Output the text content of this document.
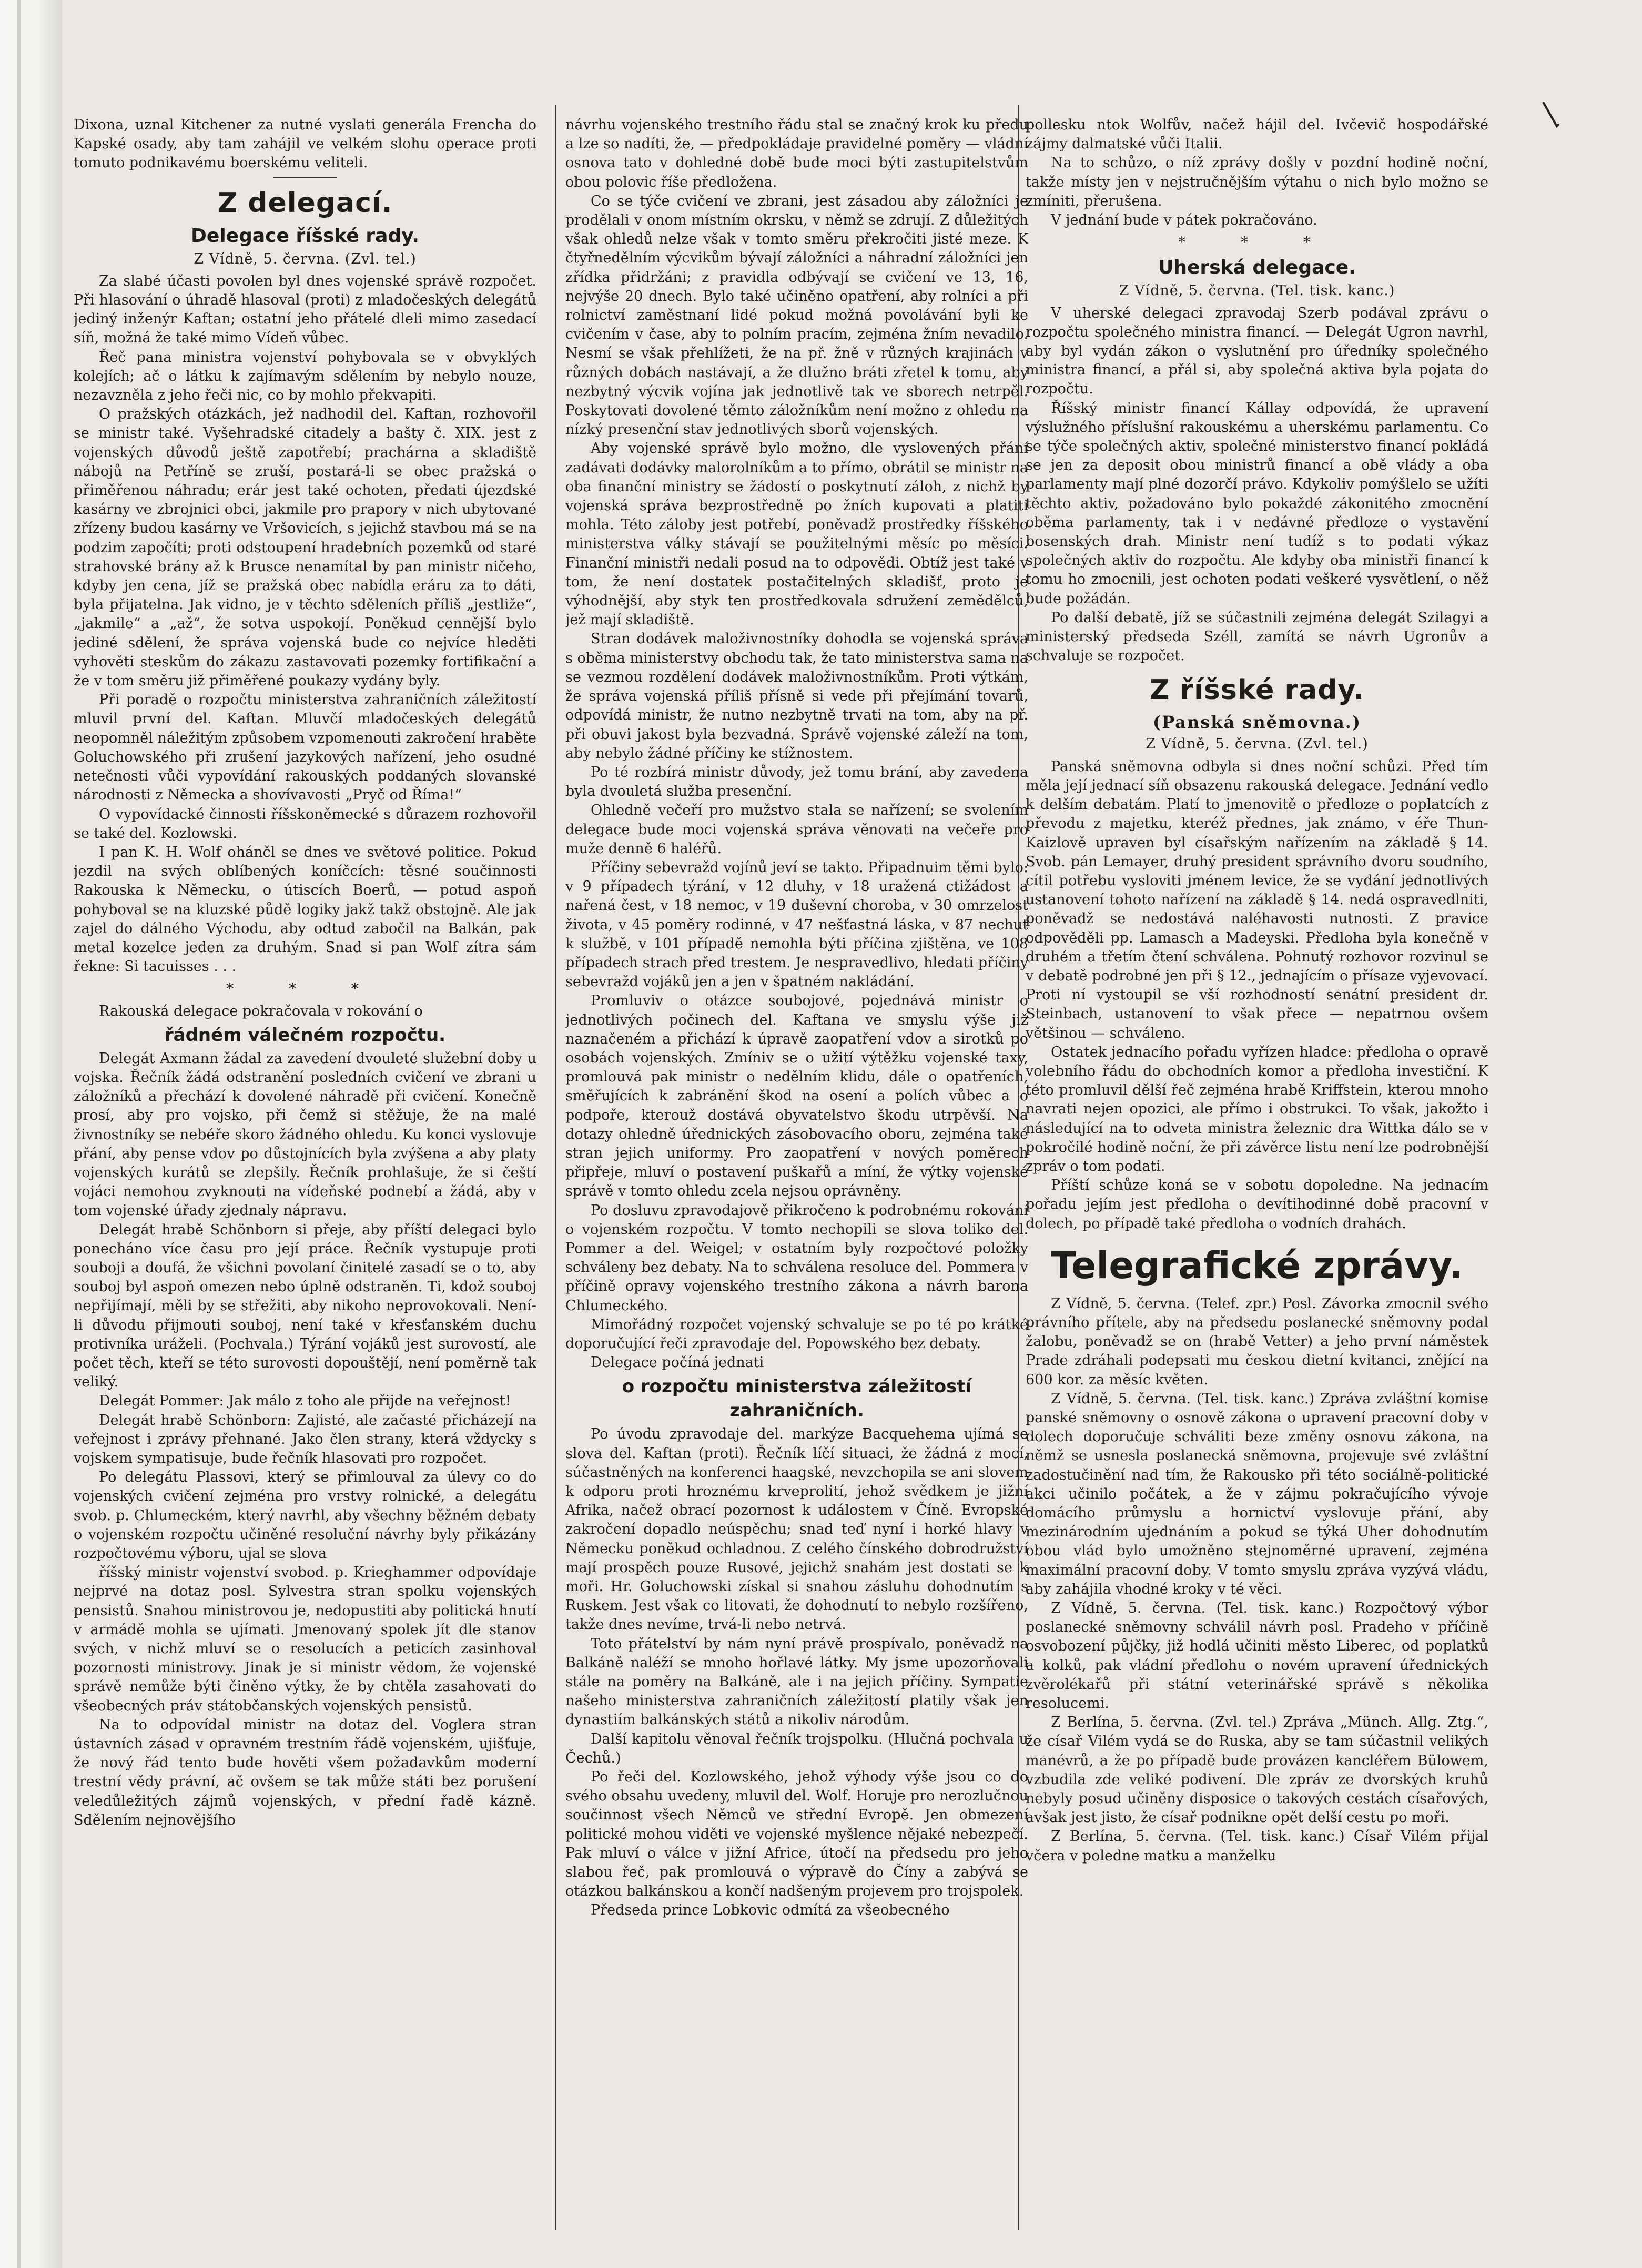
Dixona, uznal Kitchener za nutné vyslati generála Frencha do Kapské osady, aby tam zahájil ve velkém slohu operace proti tomuto podnikavému boerskému veliteli.

Z delegací.
Delegace říšské rady.
Z Vídně, 5. června. (Zvl. tel.)

Za slabé účasti povolen byl dnes vojenské správě rozpočet. Při hlasování o úhradě hlasoval (proti) z mladočeských delegátů jediný inženýr Kaftan; ostatní jeho přátelé dleli mimo zasedací síň, možná že také mimo Vídeň vůbec.

Řeč pana ministra vojenství pohybovala se v obvyklých kolejích; ač o látku k zajímavým sdělením by nebylo nouze, nezavzněla z jeho řeči nic, co by mohlo překvapiti.

O pražských otázkách, jež nadhodil del. Kaftan, rozhovořil se ministr také. Vyšehradské citadely a bašty č. XIX. jest z vojenských důvodů ještě zapotřebí; prachárna a skladiště nábojů na Petříně se zruší, postará-li se obec pražská o přiměřenou náhradu; erár jest také ochoten, předati újezdské kasárny ve zbrojnici obci, jakmile pro prapory v nich ubytované zřízeny budou kasárny ve Vršovicích, s jejichž stavbou má se na podzim započíti; proti odstoupení hradebních pozemků od staré strahovské brány až k Brusce nenamítal by pan ministr ničeho, kdyby jen cena, jíž se pražská obec nabídla eráru za to dáti, byla přijatelna. Jak vidno, je v těchto sděleních příliš „jestliže“, „jakmile“ a „až“, že sotva uspokojí. Poněkud cennější bylo jediné sdělení, že správa vojenská bude co nejvíce hleděti vyhověti steskům do zákazu zastavovati pozemky fortifikační a že v tom směru již přiměřené poukazy vydány byly.

Při poradě o rozpočtu ministerstva zahraničních záležitostí mluvil první del. Kaftan. Mluvčí mladočeských delegátů neopomněl náležitým způsobem vzpomenouti zakročení hraběte Goluchowského při zrušení jazykových nařízení, jeho osudné netečnosti vůči vypovídání rakouských poddaných slovanské národnosti z Německa a shovívavosti „Pryč od Říma!“

O vypovídacké činnosti říšskoněmecké s důrazem rozhovořil se také del. Kozlowski.

I pan K. H. Wolf ohánčl se dnes ve světové politice. Pokud jezdil na svých oblíbených koníčcích: těsné součinnosti Rakouska k Německu, o útiscích Boerů, — potud aspoň pohyboval se na kluzské půdě logiky jakž takž obstojně. Ale jak zajel do dálného Východu, aby odtud zabočil na Balkán, pak metal kozelce jeden za druhým. Snad si pan Wolf zítra sám řekne: Si tacuisses . . .

* * *

Rakouská delegace pokračovala v rokování o

řádném válečném rozpočtu.

Delegát Axmann žádal za zavedení dvouleté služební doby u vojska. Řečník žádá odstranění posledních cvičení ve zbrani u záložníků a přechází k dovolené náhradě při cvičení. Konečně prosí, aby pro vojsko, při čemž si stěžuje, že na malé živnostníky se nebéře skoro žádného ohledu. Ku konci vyslovuje přání, aby pense vdov po důstojnících byla zvýšena a aby platy vojenských kurátů se zlepšily. Řečník prohlašuje, že si čeští vojáci nemohou zvyknouti na vídeňské podnebí a žádá, aby v tom vojenské úřady zjednaly nápravu.

Delegát hrabě Schönborn si přeje, aby příští delegaci bylo ponecháno více času pro její práce. Řečník vystupuje proti souboji a doufá, že všichni povolaní činitelé zasadí se o to, aby souboj byl aspoň omezen nebo úplně odstraněn. Ti, kdož souboj nepřijímají, měli by se střežiti, aby nikoho neprovokovali. Není-li důvodu přijmouti souboj, není také v křesťanském duchu protivníka uráželi. (Pochvala.) Týrání vojáků jest surovostí, ale počet těch, kteří se této surovosti dopouštějí, není poměrně tak veliký.

Delegát Pommer: Jak málo z toho ale přijde na veřejnost!

Delegát hrabě Schönborn: Zajisté, ale začasté přicházejí na veřejnost i zprávy přehnané. Jako člen strany, která vždycky s vojskem sympatisuje, bude řečník hlasovati pro rozpočet.

Po delegátu Plassovi, který se přimlouval za úlevy co do vojenských cvičení zejména pro vrstvy rolnické, a delegátu svob. p. Chlumeckém, který navrhl, aby všechny běžném debaty o vojenském rozpočtu učiněné resoluční návrhy byly přikázány rozpočtovému výboru, ujal se slova

říšský ministr vojenství svobod. p. Krieghammer odpovídaje nejprvé na dotaz posl. Sylvestra stran spolku vojenských pensistů. Snahou ministrovou je, nedopustiti aby politická hnutí v armádě mohla se ujímati. Jmenovaný spolek jít dle stanov svých, v nichž mluví se o resolucích a peticích zasinhoval pozornosti ministrovy. Jinak je si ministr vědom, že vojenské správě nemůže býti činěno výtky, že by chtěla zasahovati do všeobecných práv státobčanských vojenských pensistů.

Na to odpovídal ministr na dotaz del. Voglera stran ústavních zásad v opravném trestním řádě vojenském, ujišťuje, že nový řád tento bude hověti všem požadavkům moderní trestní vědy právní, ač ovšem se tak může státi bez porušení veledůležitých zájmů vojenských, v přední řadě kázně. Sdělením nejnovějšího

návrhu vojenského trestního řádu stal se značný krok ku předu a lze so nadíti, že, — předpokládaje pravidelné poměry — vládní osnova tato v dohledné době bude moci býti zastupitelstvům obou polovic říše předložena.

Co se týče cvičení ve zbrani, jest zásadou aby záložníci je prodělali v onom místním okrsku, v němž se zdrují. Z důležitých však ohledů nelze však v tomto směru překročiti jisté meze. K čtyřnedělním výcvikům bývají záložníci a náhradní záložníci jen zřídka přidržáni; z pravidla odbývají se cvičení ve 13, 16, nejvýše 20 dnech. Bylo také učiněno opatření, aby rolníci a při rolnictví zaměstnaní lidé pokud možná povolávání byli ke cvičením v čase, aby to polním pracím, zejména žním nevadilo. Nesmí se však přehlížeti, že na př. žně v různých krajinách v různých dobách nastávají, a že dlužno bráti zřetel k tomu, aby nezbytný výcvik vojína jak jednotlivě tak ve sborech netrpěl. Poskytovati dovolené těmto záložníkům není možno z ohledu na nízký presenční stav jednotlivých sborů vojenských.

Aby vojenské správě bylo možno, dle vyslovených přání zadávati dodávky malorolníkům a to přímo, obrátil se ministr na oba finanční ministry se žádostí o poskytnutí záloh, z nichž by vojenská správa bezprostředně po žních kupovati a platiti mohla. Této záloby jest potřebí, poněvadž prostředky říšského ministerstva války stávají se použitelnými měsíc po měsíci. Finanční ministři nedali posud na to odpovědi. Obtíž jest také v tom, že není dostatek postačitelných skladišť, proto je výhodnější, aby styk ten prostředkovala sdružení zemědělců, jež mají skladiště.

Stran dodávek maloživnostníky dohodla se vojenská správa s oběma ministerstvy obchodu tak, že tato ministerstva sama na se vezmou rozdělení dodávek maloživnostníkům. Proti výtkám, že správa vojenská příliš přísně si vede při přejímání tovarů, odpovídá ministr, že nutno nezbytně trvati na tom, aby na př. při obuvi jakost byla bezvadná. Správě vojenské záleží na tom, aby nebylo žádné příčiny ke stížnostem.

Po té rozbírá ministr důvody, jež tomu brání, aby zavedena byla dvouletá služba presenční.

Ohledně večeří pro mužstvo stala se nařízení; se svolením delegace bude moci vojenská správa věnovati na večeře pro muže denně 6 haléřů.

Příčiny sebevražd vojínů jeví se takto. Připadnuim těmi bylo: v 9 případech týrání, v 12 dluhy, v 18 uražená ctižádost a nařená čest, v 18 nemoc, v 19 duševní choroba, v 30 omrzelost života, v 45 poměry rodinné, v 47 nešťastná láska, v 87 nechuť k službě, v 101 případě nemohla býti příčina zjištěna, ve 108 případech strach před trestem. Je nespravedlivo, hledati příčiny sebevražd vojáků jen a jen v špatném nakládání.

Promluviv o otázce soubojové, pojednává ministr o jednotlivých počinech del. Kaftana ve smyslu výše již naznačeném a přichází k úpravě zaopatření vdov a sirotků po osobách vojenských. Zmíniv se o užití výtěžku vojenské taxy, promlouvá pak ministr o nedělním klidu, dále o opatřeních, směřujících k zabránění škod na osení a polích vůbec a o podpoře, kterouž dostává obyvatelstvo škodu utrpěvší. Na dotazy ohledně úřednických zásobovacího oboru, zejména také stran jejich uniformy. Pro zaopatření v nových poměrech připřeje, mluví o postavení puškařů a míní, že výtky vojenské správě v tomto ohledu zcela nejsou oprávněny.

Po dosluvu zpravodajově přikročeno k podrobnému rokování o vojenském rozpočtu. V tomto nechopili se slova toliko del. Pommer a del. Weigel; v ostatním byly rozpočtové položky schváleny bez debaty. Na to schválena resoluce del. Pommera v příčině opravy vojenského trestního zákona a návrh barona Chlumeckého.

Mimořádný rozpočet vojenský schvaluje se po té po krátké doporučující řeči zpravodaje del. Popowského bez debaty.

Delegace počíná jednati

o rozpočtu ministerstva záležitostí zahraničních.

Po úvodu zpravodaje del. markýze Bacquehema ujímá se slova del. Kaftan (proti). Řečník líčí situaci, že žádná z mocí, súčastněných na konferenci haagské, nevzchopila se ani slovem k odporu proti hroznému krveprolití, jehož svědkem je jižní Afrika, načež obrací pozornost k událostem v Číně. Evropské zakročení dopadlo neúspěchu; snad teď nyní i horké hlavy v Německu poněkud ochladnou. Z celého čínského dobrodružství mají prospěch pouze Rusové, jejichž snahám jest dostati se k moři. Hr. Goluchowski získal si snahou zásluhu dohodnutím s Ruskem. Jest však co litovati, že dohodnutí to nebylo rozšířeno, takže dnes nevíme, trvá-li nebo netrvá.

Toto přátelství by nám nyní právě prospívalo, poněvadž na Balkáně naléží se mnoho hořlavé látky. My jsme upozorňovali stále na poměry na Balkáně, ale i na jejich příčiny. Sympatie našeho ministerstva zahraničních záležitostí platily však jen dynastiím balkánských států a nikoliv národům.

Další kapitolu věnoval řečník trojspolku. (Hlučná pochvala u Čechů.)

Po řeči del. Kozlowského, jehož výhody výše jsou co do svého obsahu uvedeny, mluvil del. Wolf. Horuje pro nerozlučnou součinnost všech Němců ve střední Evropě. Jen obmezení politické mohou viděti ve vojenské myšlence nějaké nebezpečí. Pak mluví o válce v jižní Africe, útočí na předsedu pro jeho slabou řeč, pak promlouvá o výpravě do Číny a zabývá se otázkou balkánskou a končí nadšeným projevem pro trojspolek.

Předseda prince Lobkovic odmítá za všeobecného

pollesku ntok Wolfův, načež hájil del. Ivčevič hospodářské zájmy dalmatské vůči Italii.

Na to schůzo, o níž zprávy došly v pozdní hodině noční, takže místy jen v nejstručnějším výtahu o nich bylo možno se zmíniti, přerušena.

V jednání bude v pátek pokračováno.

* * *
Uherská delegace.
Z Vídně, 5. června. (Tel. tisk. kanc.)

V uherské delegaci zpravodaj Szerb podával zprávu o rozpočtu společného ministra financí. — Delegát Ugron navrhl, aby byl vydán zákon o vyslutnění pro úředníky společného ministra financí, a přál si, aby společná aktiva byla pojata do rozpočtu.

Říšský ministr financí Kállay odpovídá, že upravení výslužného příslušní rakouskému a uherskému parlamentu. Co se týče společných aktiv, společné ministerstvo financí pokládá se jen za deposit obou ministrů financí a obě vlády a oba parlamenty mají plné dozorčí právo. Kdykoliv pomýšlelo se užíti těchto aktiv, požadováno bylo pokaždé zákonitého zmocnění oběma parlamenty, tak i v nedávné předloze o vystavění bosenských drah. Ministr není tudíž s to podati výkaz společných aktiv do rozpočtu. Ale kdyby oba ministři financí k tomu ho zmocnili, jest ochoten podati veškeré vysvětlení, o něž bude požádán.

Po další debatě, jíž se súčastnili zejména delegát Szilagyi a ministerský předseda Széll, zamítá se návrh Ugronův a schvaluje se rozpočet.

Z říšské rady.
(Panská sněmovna.)
Z Vídně, 5. června. (Zvl. tel.)

Panská sněmovna odbyla si dnes noční schůzi. Před tím měla její jednací síň obsazenu rakouská delegace. Jednání vedlo k delším debatám. Platí to jmenovitě o předloze o poplatcích z převodu z majetku, kteréž přednes, jak známo, v éře Thun-Kaizlově upraven byl císařským nařízením na základě § 14. Svob. pán Lemayer, druhý president správního dvoru soudního, cítil potřebu vysloviti jménem levice, že se vydání jednotlivých ustanovení tohoto nařízení na základě § 14. nedá ospravedlniti, poněvadž se nedostává naléhavosti nutnosti. Z pravice odpověděli pp. Lamasch a Madeyski. Předloha byla konečně v druhém a třetím čtení schválena. Pohnutý rozhovor rozvinul se v debatě podrobné jen při § 12., jednajícím o přísaze vyjevovací. Proti ní vystoupil se vší rozhodností senátní president dr. Steinbach, ustanovení to však přece — nepatrnou ovšem většinou — schváleno.

Ostatek jednacího pořadu vyřízen hladce: předloha o opravě volebního řádu do obchodních komor a předloha investiční. K této promluvil dělší řeč zejména hrabě Kriffstein, kterou mnoho navrati nejen opozici, ale přímo i obstrukci. To však, jakožto i následující na to odveta ministra železnic dra Wittka dálo se v pokročilé hodině noční, že při závěrce listu není lze podrobnější zpráv o tom podati.

Příští schůze koná se v sobotu dopoledne. Na jednacím pořadu jejím jest předloha o devítihodinné době pracovní v dolech, po případě také předloha o vodních drahách.

Telegrafické zprávy.

Z Vídně, 5. června. (Telef. zpr.) Posl. Závorka zmocnil svého právního přítele, aby na předsedu poslanecké sněmovny podal žalobu, poněvadž se on (hrabě Vetter) a jeho první náměstek Prade zdráhali podepsati mu českou dietní kvitanci, znějící na 600 kor. za měsíc květen.

Z Vídně, 5. června. (Tel. tisk. kanc.) Zpráva zvláštní komise panské sněmovny o osnově zákona o upravení pracovní doby v dolech doporučuje schváliti beze změny osnovu zákona, na němž se usnesla poslanecká sněmovna, projevuje své zvláštní zadostučinění nad tím, že Rakousko při této sociálně-politické akci učinilo počátek, a že v zájmu pokračujícího vývoje domácího průmyslu a hornictví vyslovuje přání, aby mezinárodním ujednáním a pokud se týká Uher dohodnutím obou vlád bylo umožněno stejnoměrné upravení, zejména maximální pracovní doby. V tomto smyslu zpráva vyzývá vládu, aby zahájila vhodné kroky v té věci.

Z Vídně, 5. června. (Tel. tisk. kanc.) Rozpočtový výbor poslanecké sněmovny schválil návrh posl. Pradeho v příčině osvobození půjčky, již hodlá učiniti město Liberec, od poplatků a kolků, pak vládní předlohu o novém upravení úřednických zvěrolékařů při státní veterinářské správě s několika resolucemi.

Z Berlína, 5. června. (Zvl. tel.) Zpráva „Münch. Allg. Ztg.“, že císař Vilém vydá se do Ruska, aby se tam súčastnil velikých manévrů, a že po případě bude provázen kancléřem Bülowem, vzbudila zde veliké podivení. Dle zpráv ze dvorských kruhů nebyly posud učiněny disposice o takových cestách císařových, avšak jest jisto, že císař podnikne opět delší cestu po moři.

Z Berlína, 5. června. (Tel. tisk. kanc.) Císař Vilém přijal včera v poledne matku a manželku
